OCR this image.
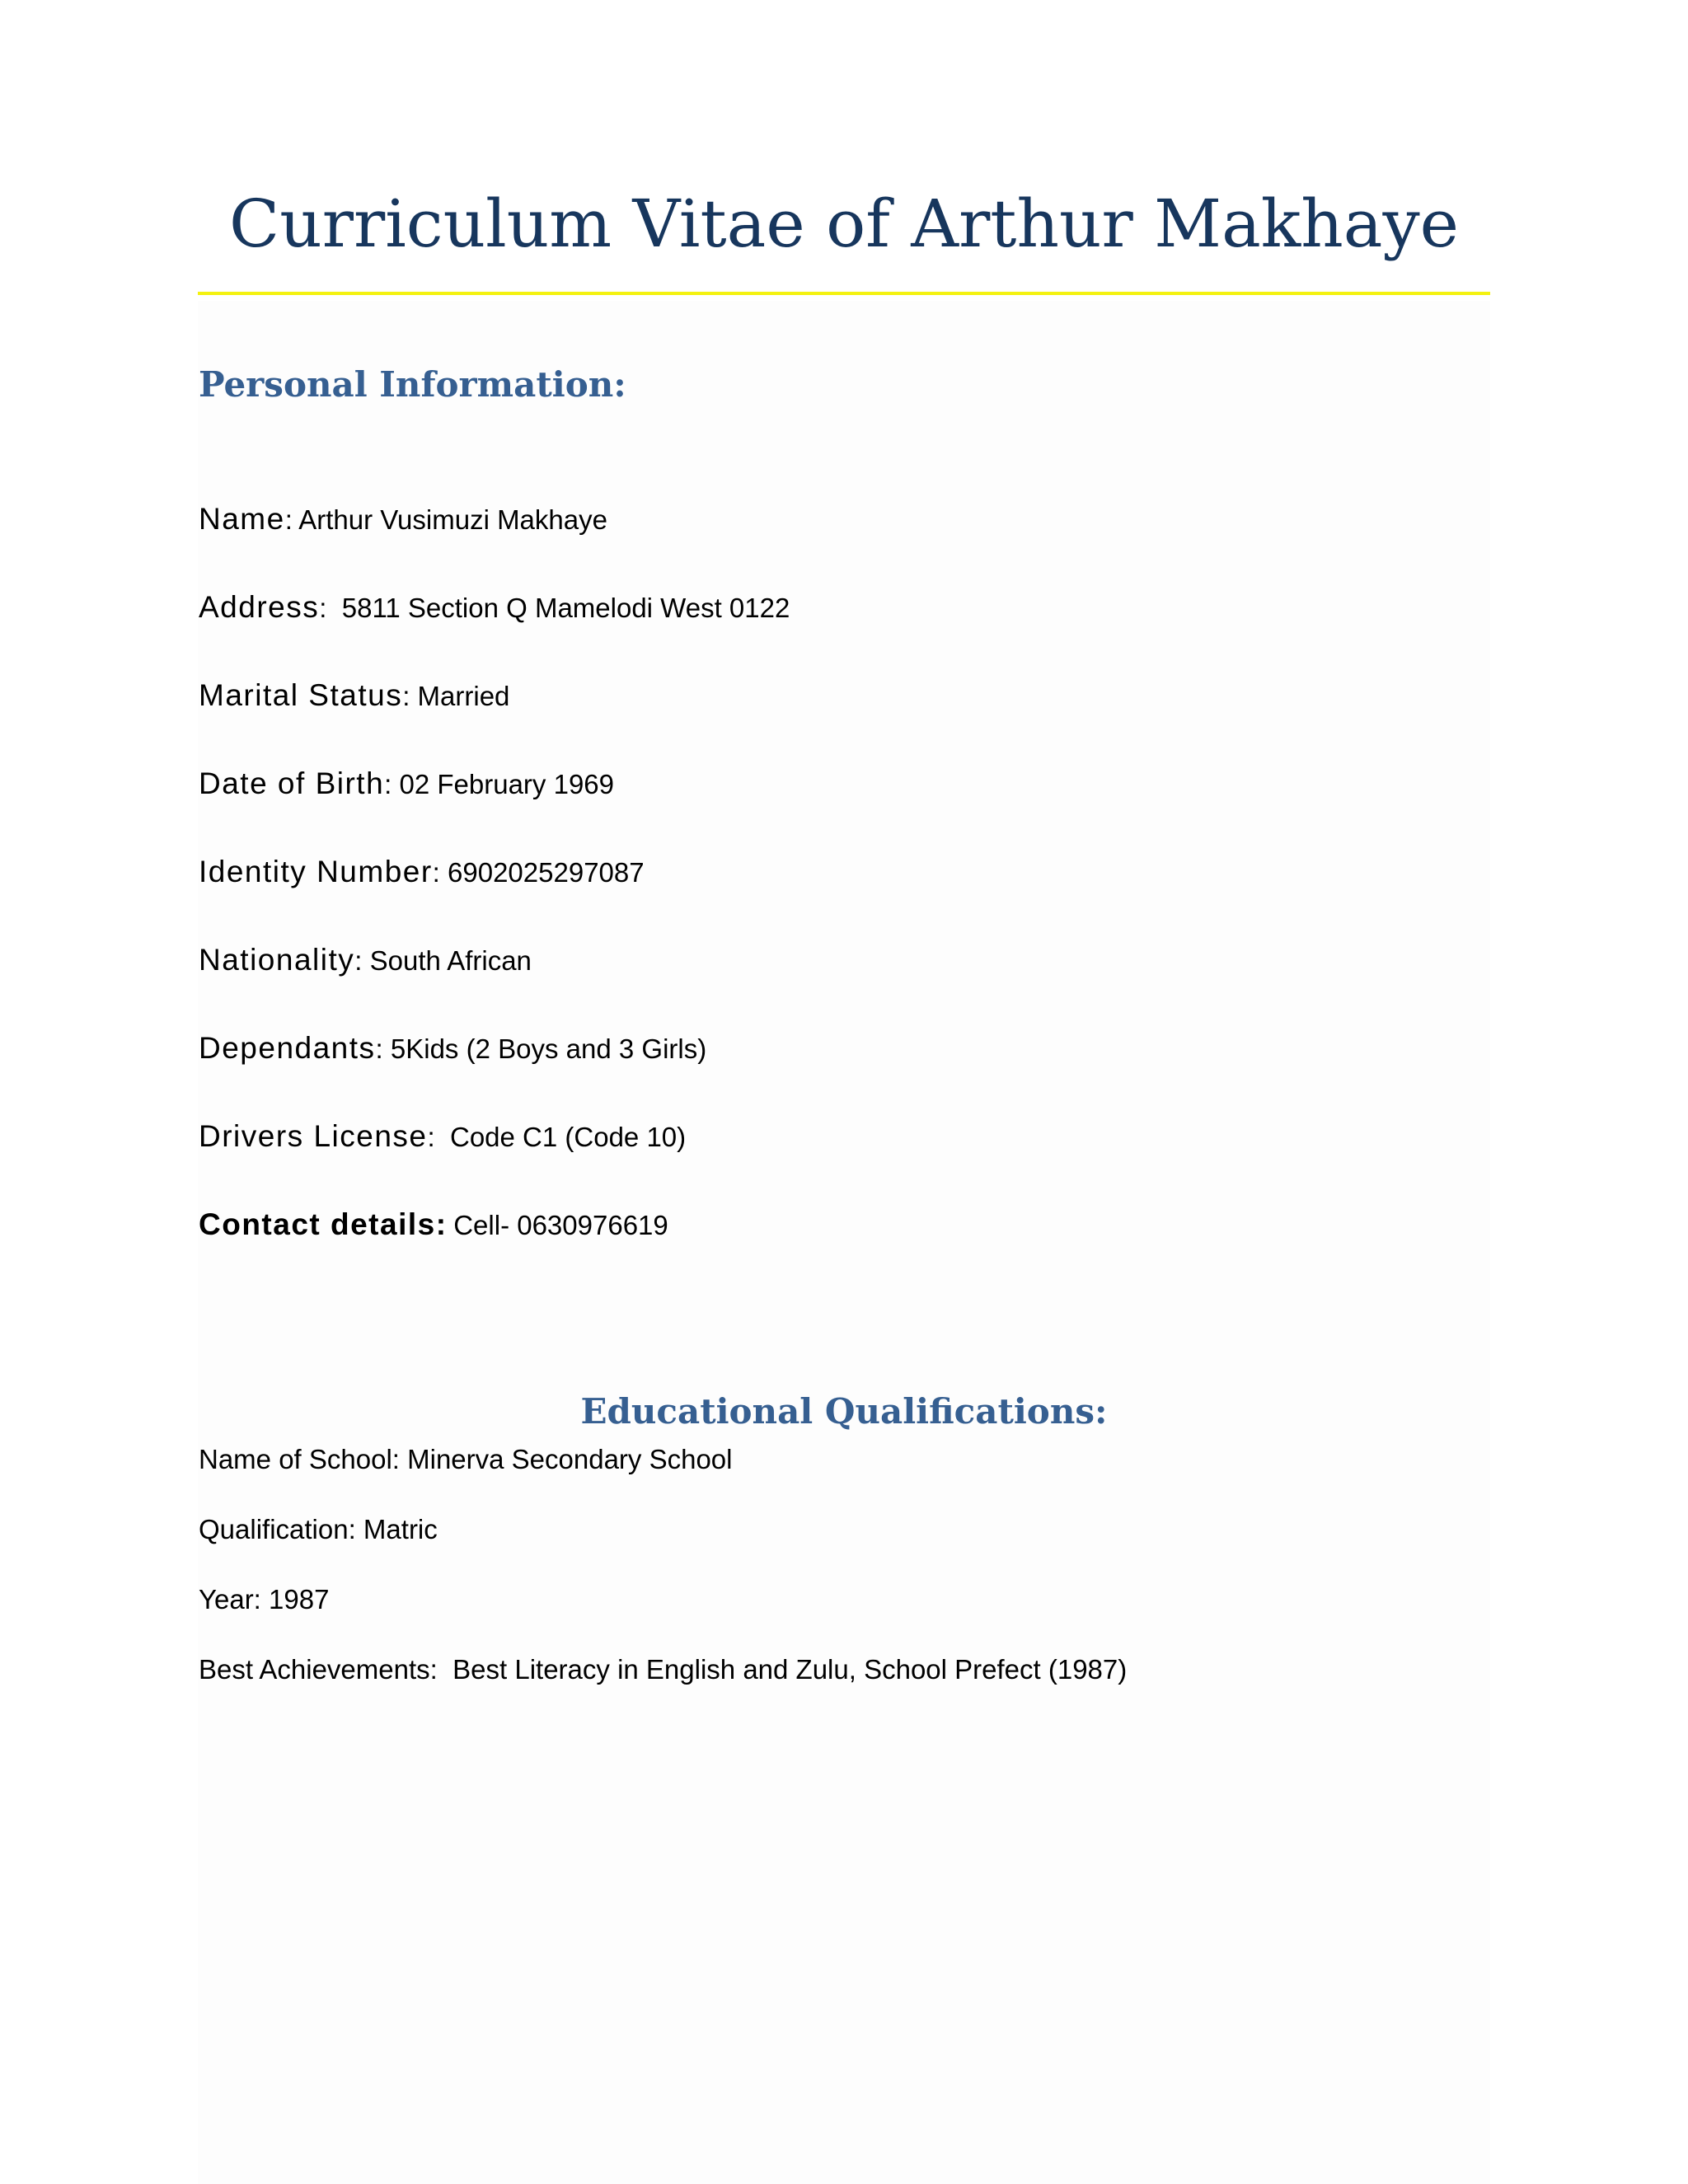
Curriculum Vitae of Arthur Makhaye
Personal Information:
Name: Arthur Vusimuzi Makhaye
Address:  5811 Section Q Mamelodi West 0122
Marital Status: Married
Date of Birth: 02 February 1969
Identity Number: 6902025297087
Nationality: South African
Dependants: 5Kids (2 Boys and 3 Girls)
Drivers License:  Code C1 (Code 10)
Contact details: Cell- 0630976619
Educational Qualifications:
Name of School: Minerva Secondary School
Qualification: Matric
Year: 1987
Best Achievements:  Best Literacy in English and Zulu, School Prefect (1987)
